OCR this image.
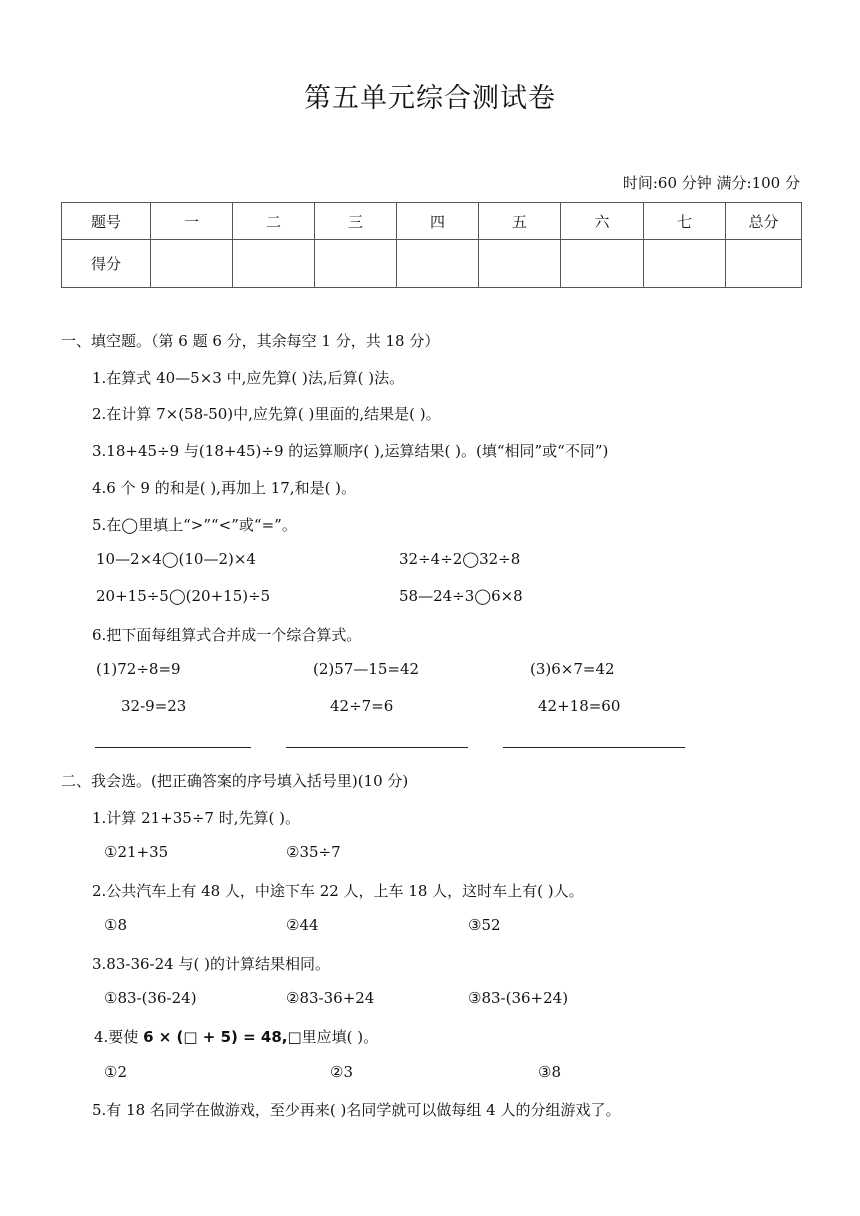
第五单元综合测试卷
时间:60 分钟 满分:100 分
题号	一	二	三	四	五	六	七	总分
得分								
一、填空题。（第 6 题 6 分，其余每空 1 分，共 18 分）
1.在算式 40—5×3 中,应先算( )法,后算( )法。
2.在计算 7×(58-50)中,应先算( )里面的,结果是( )。
3.18+45÷9 与(18+45)÷9 的运算顺序( ),运算结果( )。(填“相同”或“不同”)
4.6 个 9 的和是( ),再加上 17,和是( )。
5.在◯里填上“>”“<”或“=”。
10—2×4◯(10—2)×4	32÷4÷2◯32÷8
20+15÷5◯(20+15)÷5	58—24÷3◯6×8
6.把下面每组算式合并成一个综合算式。
(1)72÷8=9	(2)57—15=42	(3)6×7=42
32-9=23	42÷7=6	42+18=60
二、我会选。(把正确答案的序号填入括号里)(10 分)
1.计算 21+35÷7 时,先算( )。
①21+35	②35÷7
2.公共汽车上有 48 人，中途下车 22 人，上车 18 人，这时车上有( )人。
①8	②44	③52
3.83-36-24 与( )的计算结果相同。
①83-(36-24)	②83-36+24	③83-(36+24)
4.要使 6 × (□ + 5) = 48,□里应填( )。
①2	②3	③8
5.有 18 名同学在做游戏，至少再来( )名同学就可以做每组 4 人的分组游戏了。
